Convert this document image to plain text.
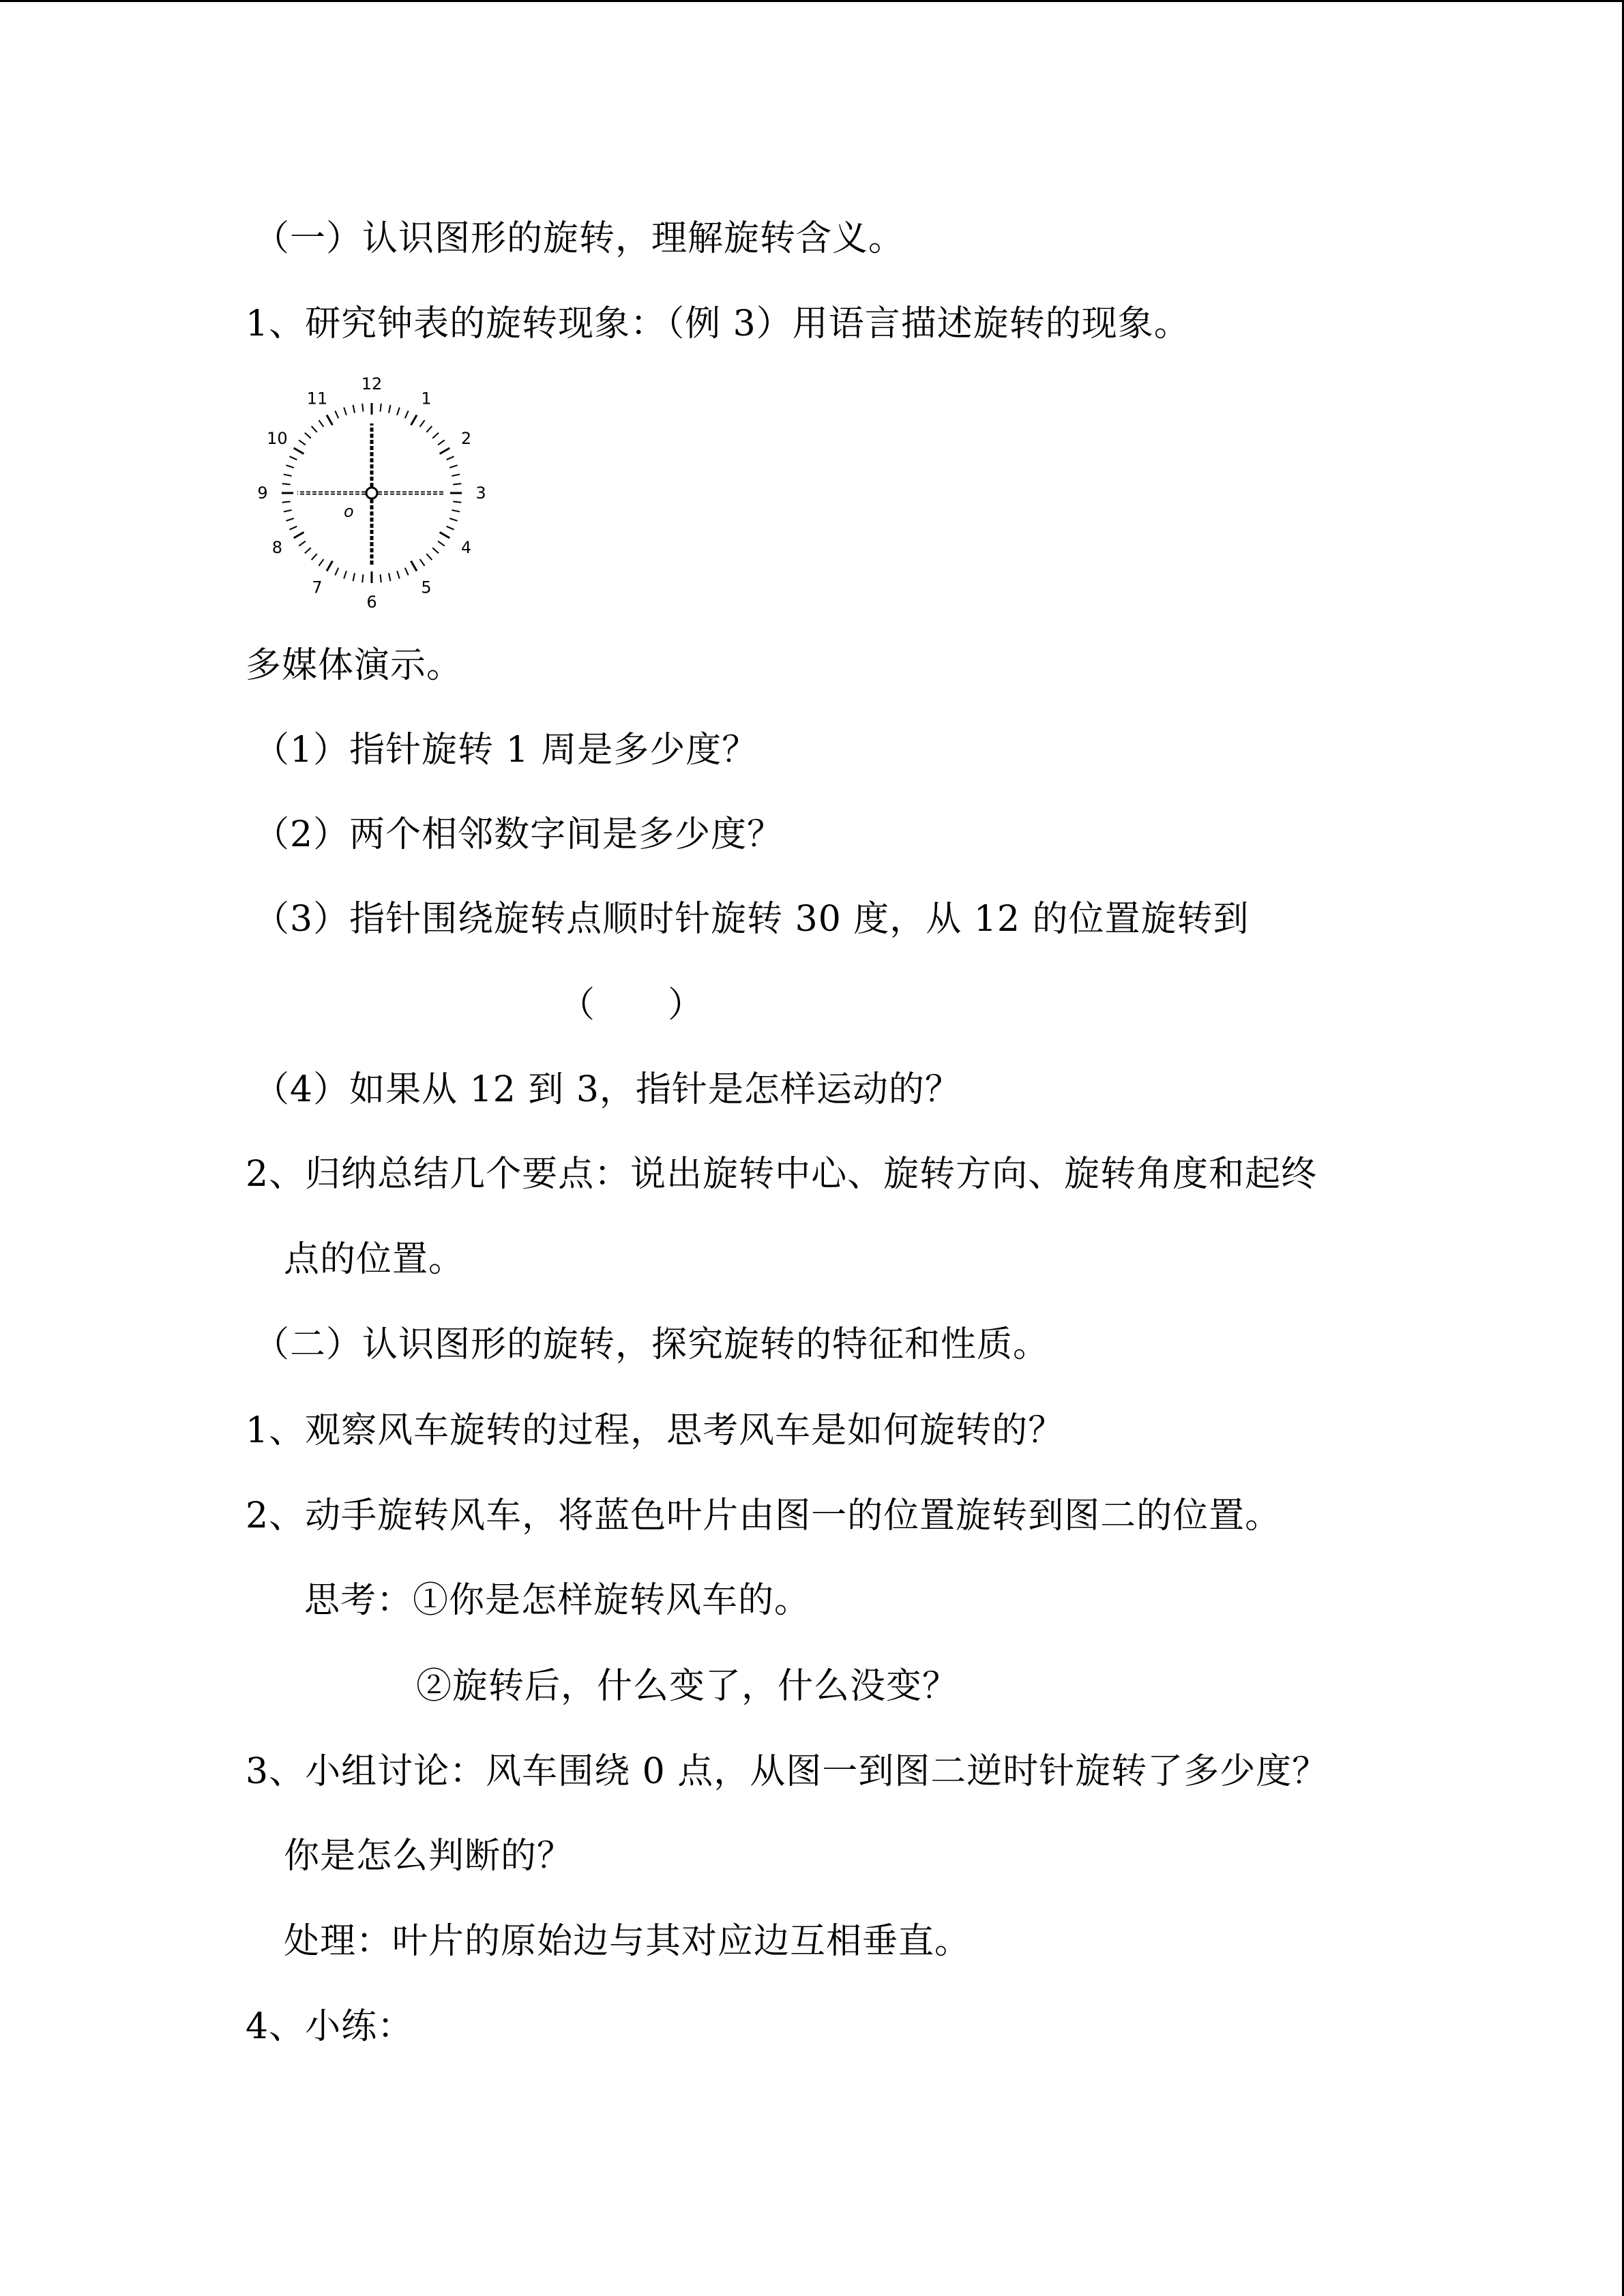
（一）认识图形的旋转，理解旋转含义。
1、研究钟表的旋转现象：（例 3）用语言描述旋转的现象。
o
12
1
2
3
4
5
6
7
8
9
10
11
多媒体演示。
（1）指针旋转 1 周是多少度？
（2）两个相邻数字间是多少度？
（3）指针围绕旋转点顺时针旋转 30 度，从 12 的位置旋转到
（　　）
（4）如果从 12 到 3，指针是怎样运动的？
2、归纳总结几个要点：说出旋转中心、旋转方向、旋转角度和起终
点的位置。
（二）认识图形的旋转，探究旋转的特征和性质。
1、观察风车旋转的过程，思考风车是如何旋转的？
2、动手旋转风车，将蓝色叶片由图一的位置旋转到图二的位置。
思考：①你是怎样旋转风车的。
②旋转后，什么变了，什么没变？
3、小组讨论：风车围绕 0 点，从图一到图二逆时针旋转了多少度？
你是怎么判断的？
处理：叶片的原始边与其对应边互相垂直。
4、小练：
